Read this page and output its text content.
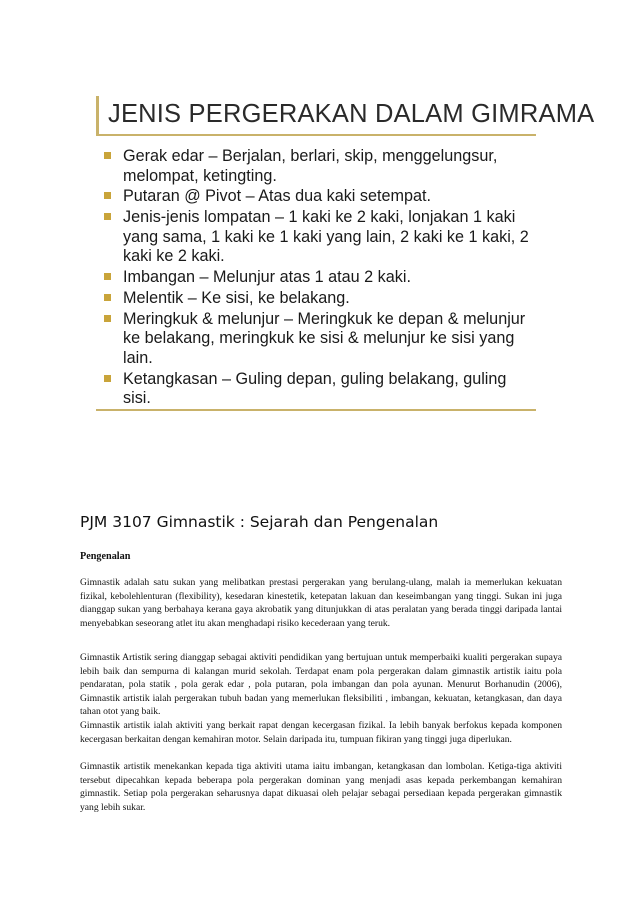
JENIS PERGERAKAN DALAM GIMRAMA
Gerak edar – Berjalan, berlari, skip, menggelungsur, melompat, ketingting.
Putaran @ Pivot – Atas dua kaki setempat.
Jenis-jenis lompatan – 1 kaki ke 2 kaki, lonjakan 1 kaki yang sama, 1 kaki ke 1 kaki yang lain, 2 kaki ke 1 kaki, 2 kaki ke 2 kaki.
Imbangan – Melunjur atas 1 atau 2 kaki.
Melentik – Ke sisi, ke belakang.
Meringkuk & melunjur – Meringkuk ke depan & melunjur ke belakang, meringkuk ke sisi & melunjur ke sisi yang lain.
Ketangkasan – Guling depan, guling belakang, guling sisi.
PJM 3107 Gimnastik : Sejarah dan Pengenalan
Pengenalan

Gimnastik adalah satu sukan yang melibatkan prestasi pergerakan yang berulang-ulang, malah ia memerlukan kekuatan fizikal, kebolehlenturan (flexibility), kesedaran kinestetik, ketepatan lakuan dan keseimbangan yang tinggi. Sukan ini juga dianggap sukan yang berbahaya kerana gaya akrobatik yang ditunjukkan di atas peralatan yang berada tinggi daripada lantai menyebabkan seseorang atlet itu akan menghadapi risiko kecederaan yang teruk.

Gimnastik Artistik sering dianggap sebagai aktiviti pendidikan yang bertujuan untuk memperbaiki kualiti pergerakan supaya lebih baik dan sempurna di kalangan murid sekolah. Terdapat enam pola pergerakan dalam gimnastik artistik iaitu pola pendaratan, pola statik , pola gerak edar , pola putaran, pola imbangan dan pola ayunan. Menurut Borhanudin (2006), Gimnastik artistik ialah pergerakan tubuh badan yang memerlukan fleksibiliti , imbangan, kekuatan, ketangkasan, dan daya tahan otot yang baik.

Gimnastik artistik ialah aktiviti yang berkait rapat dengan kecergasan fizikal. Ia lebih banyak berfokus kepada komponen kecergasan berkaitan dengan kemahiran motor. Selain daripada itu, tumpuan fikiran yang tinggi juga diperlukan.

Gimnastik artistik menekankan kepada tiga aktiviti utama iaitu imbangan, ketangkasan dan lombolan. Ketiga-tiga aktiviti tersebut dipecahkan kepada beberapa pola pergerakan dominan yang menjadi asas kepada perkembangan kemahiran gimnastik. Setiap pola pergerakan seharusnya dapat dikuasai oleh pelajar sebagai persediaan kepada pergerakan gimnastik yang lebih sukar.
